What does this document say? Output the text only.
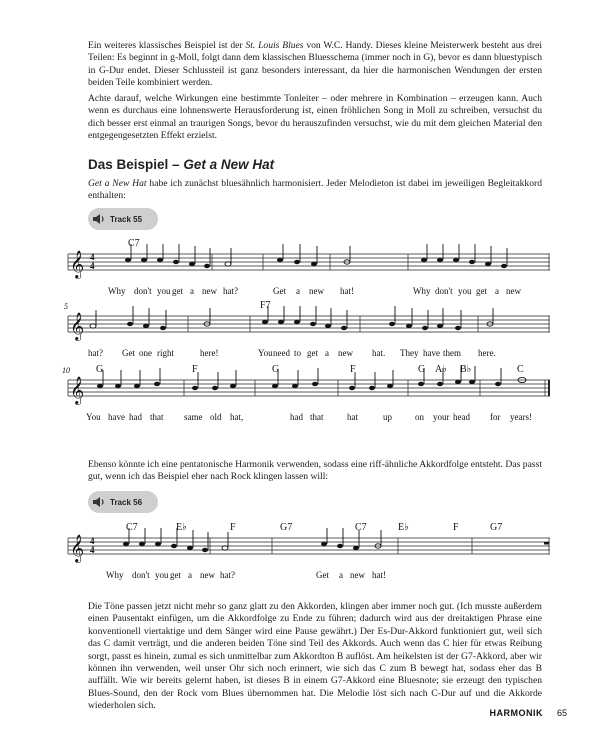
Ein weiteres klassisches Beispiel ist der St. Louis Blues von W.C. Handy. Dieses kleine Meisterwerk besteht aus drei Teilen: Es beginnt in g-Moll, folgt dann dem klassischen Bluesschema (immer noch in G), bevor es dann bluestypisch in G-Dur endet. Dieser Schlussteil ist ganz besonders interessant, da hier die harmonischen Wendungen der ersten beiden Teile kombiniert werden.

Achte darauf, welche Wirkungen eine bestimmte Tonleiter – oder mehrere in Kombination – erzeugen kann. Auch wenn es durchaus eine lohnenswerte Herausforderung ist, einen fröhlichen Song in Moll zu schreiben, versuchst du dich besser erst einmal an traurigen Songs, bevor du herauszufinden versuchst, wie du mit dem gleichen Material den entgegengesetzten Effekt erzielst.

Das Beispiel – Get a New Hat

Get a New Hat habe ich zunächst bluesähnlich harmonisiert. Jeder Melodieton ist dabei im jeweiligen Begleitakkord enthalten:

Track 55
𝄞
C7
4
4
Why don't you get a new hat?	Get a new hat!	Why don't you get a new
𝄞
5	F7
hat? Get one right	here!	You need to get a new hat. They have them here.
𝄞
10	G	F	G	F	G A♭ B♭	C
You have had that same old hat,	had that	hat	up	on your head for years!

Ebenso könnte ich eine pentatonische Harmonik verwenden, sodass eine riff-ähnliche Akkordfolge entsteht. Das passt gut, wenn ich das Beispiel eher nach Rock klingen lassen will:

Track 56
𝄞 4
4
C7	E♭	F	G7	C7	E♭	F	G7
Why don't you get a new hat?	Get a new hat!

Die Töne passen jetzt nicht mehr so ganz glatt zu den Akkorden, klingen aber immer noch gut. (Ich musste außerdem einen Pausentakt einfügen, um die Akkordfolge zu Ende zu führen; dadurch wird aus der dreitaktigen Phrase eine konventionell viertaktige und dem Sänger wird eine Pause gewährt.) Der Es-Dur-Akkord funktioniert gut, weil sich das C damit verträgt, und die anderen beiden Töne sind Teil des Akkords. Auch wenn das C hier für etwas Reibung sorgt, passt es hinein, zumal es sich unmittelbar zum Akkordton B auflöst. Am heikelsten ist der G7-Akkord, aber wir können ihn verwenden, weil unser Ohr sich noch erinnert, wie sich das C zum B bewegt hat, sodass eher das B auffällt. Wie wir bereits gelernt haben, ist dieses B in einem G7-Akkord eine Bluesnote; sie erzeugt den typischen Blues-Sound, den der Rock vom Blues übernommen hat. Die Melodie löst sich nach C-Dur auf und die Akkorde wiederholen sich.

HARMONIK 65
